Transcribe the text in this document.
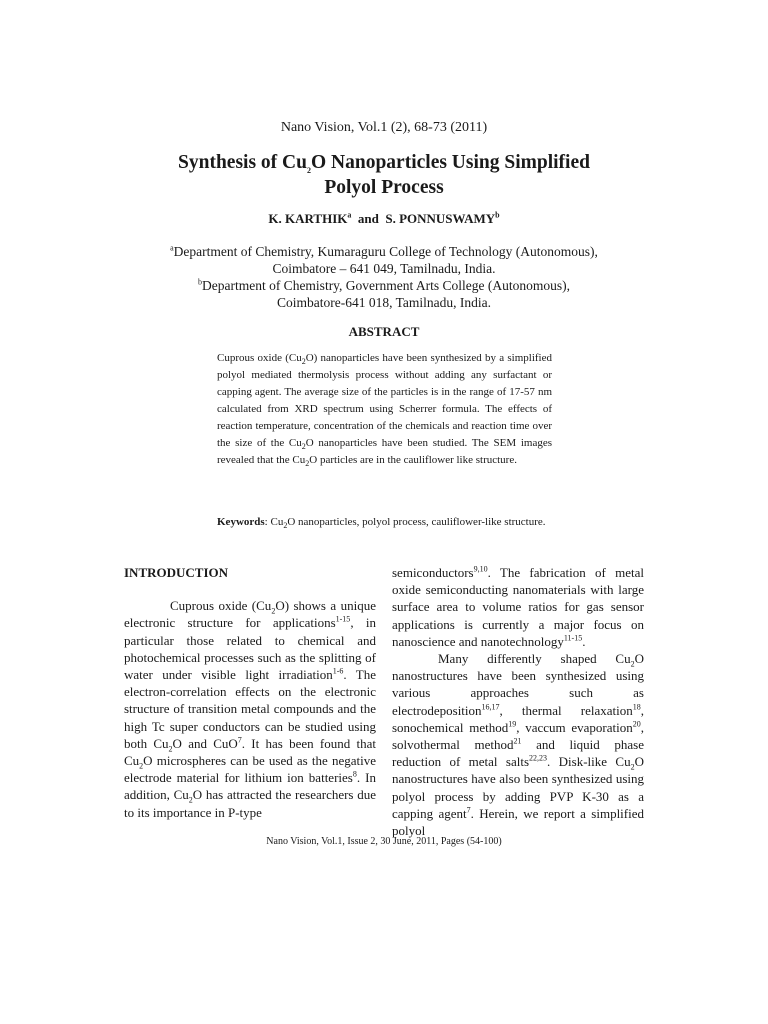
Nano Vision, Vol.1 (2), 68-73 (2011)
Synthesis of $Cu_2O$ Nanoparticles Using Simplified
Polyol Process
K. KARTHIK$^a$ and S. PONNUSWAMY$^b$
$^a$Department of Chemistry, Kumaraguru College of Technology (Autonomous),
Coimbatore – 641 049, Tamilnadu, India.
$^b$Department of Chemistry, Government Arts College (Autonomous),
Coimbatore-641 018, Tamilnadu, India.
ABSTRACT
Cuprous oxide $(Cu_2O)$ nanoparticles have been synthesized by a simplified polyol mediated thermolysis process without adding any surfactant or capping agent. The average size of the particles is in the range of 17-57 nm calculated from XRD spectrum using Scherrer formula. The effects of reaction temperature, concentration of the chemicals and reaction time over the size of the $Cu_2O$ nanoparticles have been studied. The SEM images revealed that the $Cu_2O$ particles are in the cauliflower like structure.
Keywords: $Cu_2O$ nanoparticles, polyol process, cauliflower-like structure.
INTRODUCTION

Cuprous oxide $(Cu_2O)$ shows a unique electronic structure for applications$^{1-15}$, in particular those related to chemical and photochemical processes such as the splitting of water under visible light irradiation$^{1-6}$. The electron-correlation effects on the electronic structure of transition metal compounds and the high Tc super conductors can be studied using both $Cu_2O$ and CuO$^7$. It has been found that $Cu_2O$ microspheres can be used as the negative electrode material for lithium ion batteries$^8$. In addition, $Cu_2O$ has attracted the researchers due to its importance in P-type

semiconductors$^{9,10}$. The fabrication of metal oxide semiconducting nanomaterials with large surface area to volume ratios for gas sensor applications is currently a major focus on nanoscience and nanotechnology$^{11-15}$.

Many differently shaped $Cu_2O$ nanostructures have been synthesized using various approaches such as electrodeposition$^{16,17}$, thermal relaxation$^{18}$, sonochemical method$^{19}$, vaccum evaporation$^{20}$, solvothermal method$^{21}$ and liquid phase reduction of metal salts$^{22,23}$. Disk-like $Cu_2O$ nanostructures have also been synthesized using polyol process by adding PVP K-30 as a capping agent$^7$. Herein, we report a simplified polyol

Nano Vision, Vol.1, Issue 2, 30 June, 2011, Pages (54-100)
